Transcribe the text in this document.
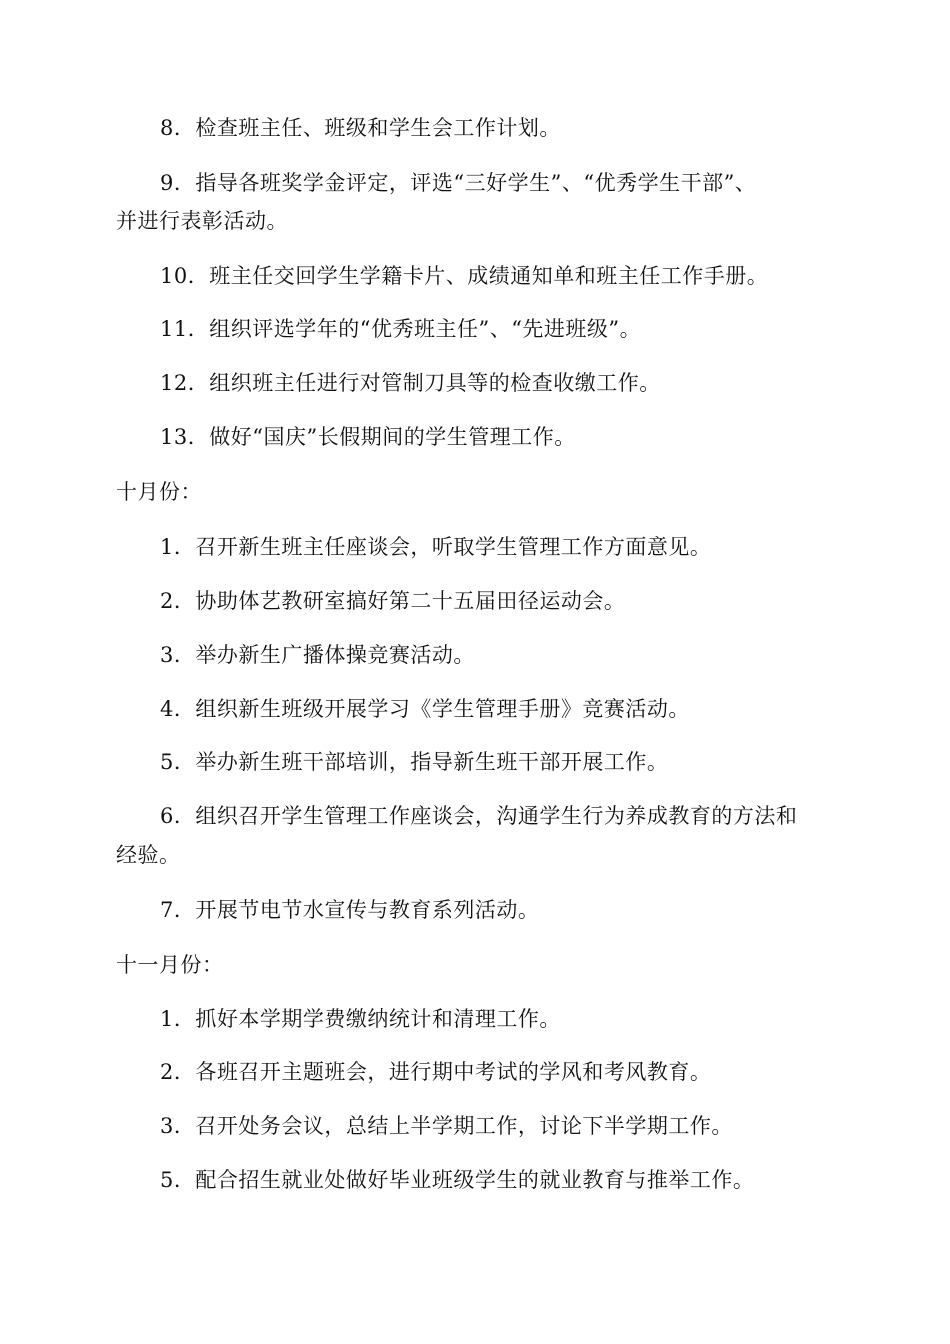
8．检查班主任、班级和学生会工作计划。
9．指导各班奖学金评定，评选“三好学生”、“优秀学生干部”、
并进行表彰活动。
10．班主任交回学生学籍卡片、成绩通知单和班主任工作手册。
11．组织评选学年的“优秀班主任”、“先进班级”。
12．组织班主任进行对管制刀具等的检查收缴工作。
13．做好“国庆”长假期间的学生管理工作。
十月份：
1．召开新生班主任座谈会，听取学生管理工作方面意见。
2．协助体艺教研室搞好第二十五届田径运动会。
3．举办新生广播体操竞赛活动。
4．组织新生班级开展学习《学生管理手册》竞赛活动。
5．举办新生班干部培训，指导新生班干部开展工作。
6．组织召开学生管理工作座谈会，沟通学生行为养成教育的方法和
经验。
7．开展节电节水宣传与教育系列活动。
十一月份：
1．抓好本学期学费缴纳统计和清理工作。
2．各班召开主题班会，进行期中考试的学风和考风教育。
3．召开处务会议，总结上半学期工作，讨论下半学期工作。
5．配合招生就业处做好毕业班级学生的就业教育与推举工作。
